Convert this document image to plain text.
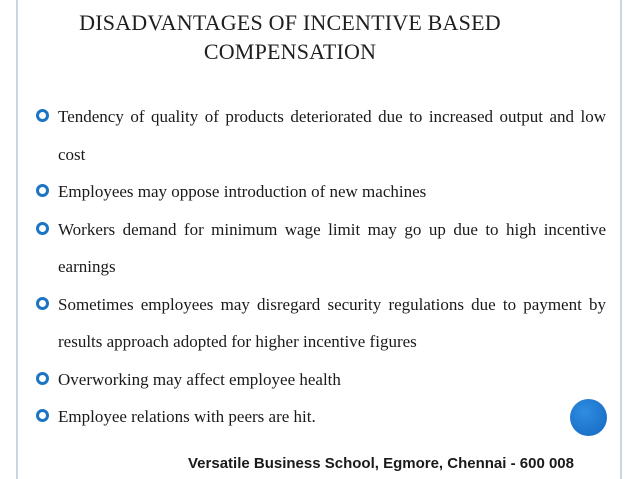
DISADVANTAGES OF INCENTIVE BASED
COMPENSATION
Tendency of quality of products deteriorated due to increased output and low cost
Employees may oppose introduction of new machines
Workers demand for minimum wage limit may go up due to high incentive earnings
Sometimes employees may disregard security regulations due to payment by results approach adopted for higher incentive figures
Overworking may affect employee health
Employee relations with peers are hit.
Versatile Business School, Egmore, Chennai - 600 008
